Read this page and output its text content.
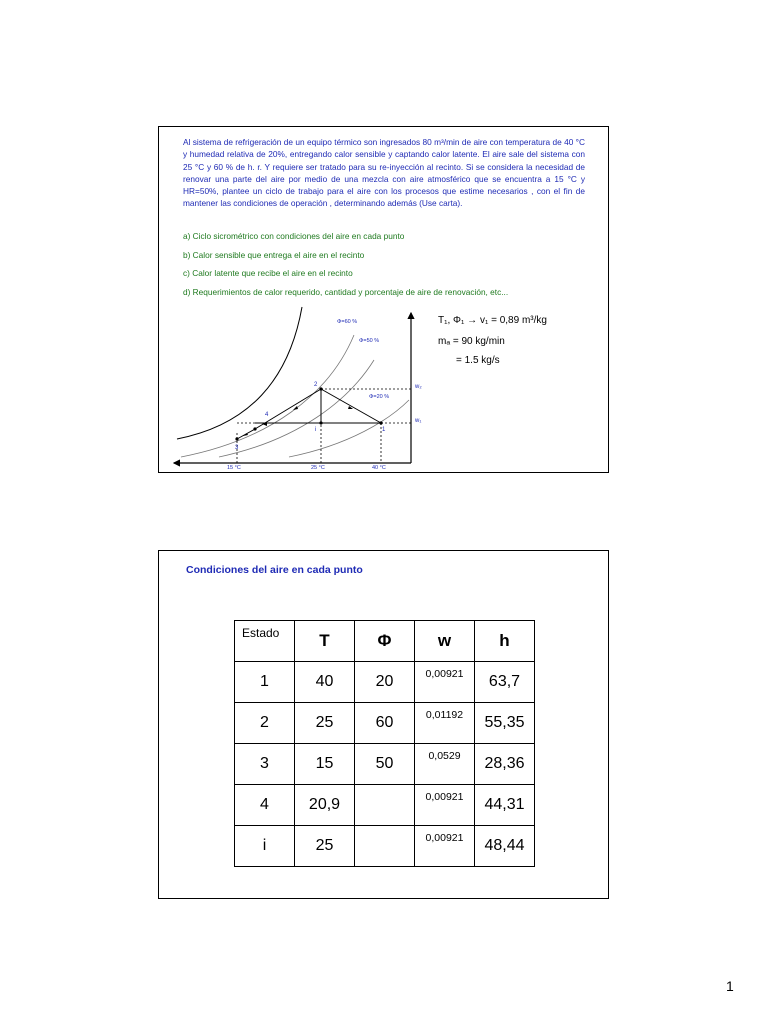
Al sistema de refrigeración de un equipo térmico son ingresados 80 m³/min de aire con temperatura de 40 °C y humedad relativa de 20%, entregando calor sensible y captando calor latente. El aire sale del sistema con 25 °C y 60 % de h. r. Y requiere ser tratado para su re-inyección al recinto. Si se considera la necesidad de renovar una parte del aire por medio de una mezcla con aire atmosférico que se encuentra a 15 °C y HR=50%, plantee un ciclo de trabajo para el aire con los procesos que estime necesarios , con el fin de mantener las condiciones de operación , determinando además (Use carta).

a) Ciclo sicrométrico con condiciones del aire en cada punto
b) Calor sensible que entrega el aire en el recinto
c) Calor latente que recibe el aire en el recinto
d) Requerimientos de calor requerido, cantidad y porcentaje de aire de renovación, etc...
Φ=60 %
Φ=50 %
Φ=20 %
w₂
w₁
1
2
3
4
i
15 °C	25 °C	40 °C
T₁, Φ₁ → v₁ = 0,89 m³/kg
mₐ = 90 kg/min
= 1.5 kg/s
Condiciones del aire en cada punto
Estado	T	Φ	w	h
1	40	20	0,00921	63,7
2	25	60	0,01192	55,35
3	15	50	0,0529	28,36
4	20,9		0,00921	44,31
i	25		0,00921	48,44
1
